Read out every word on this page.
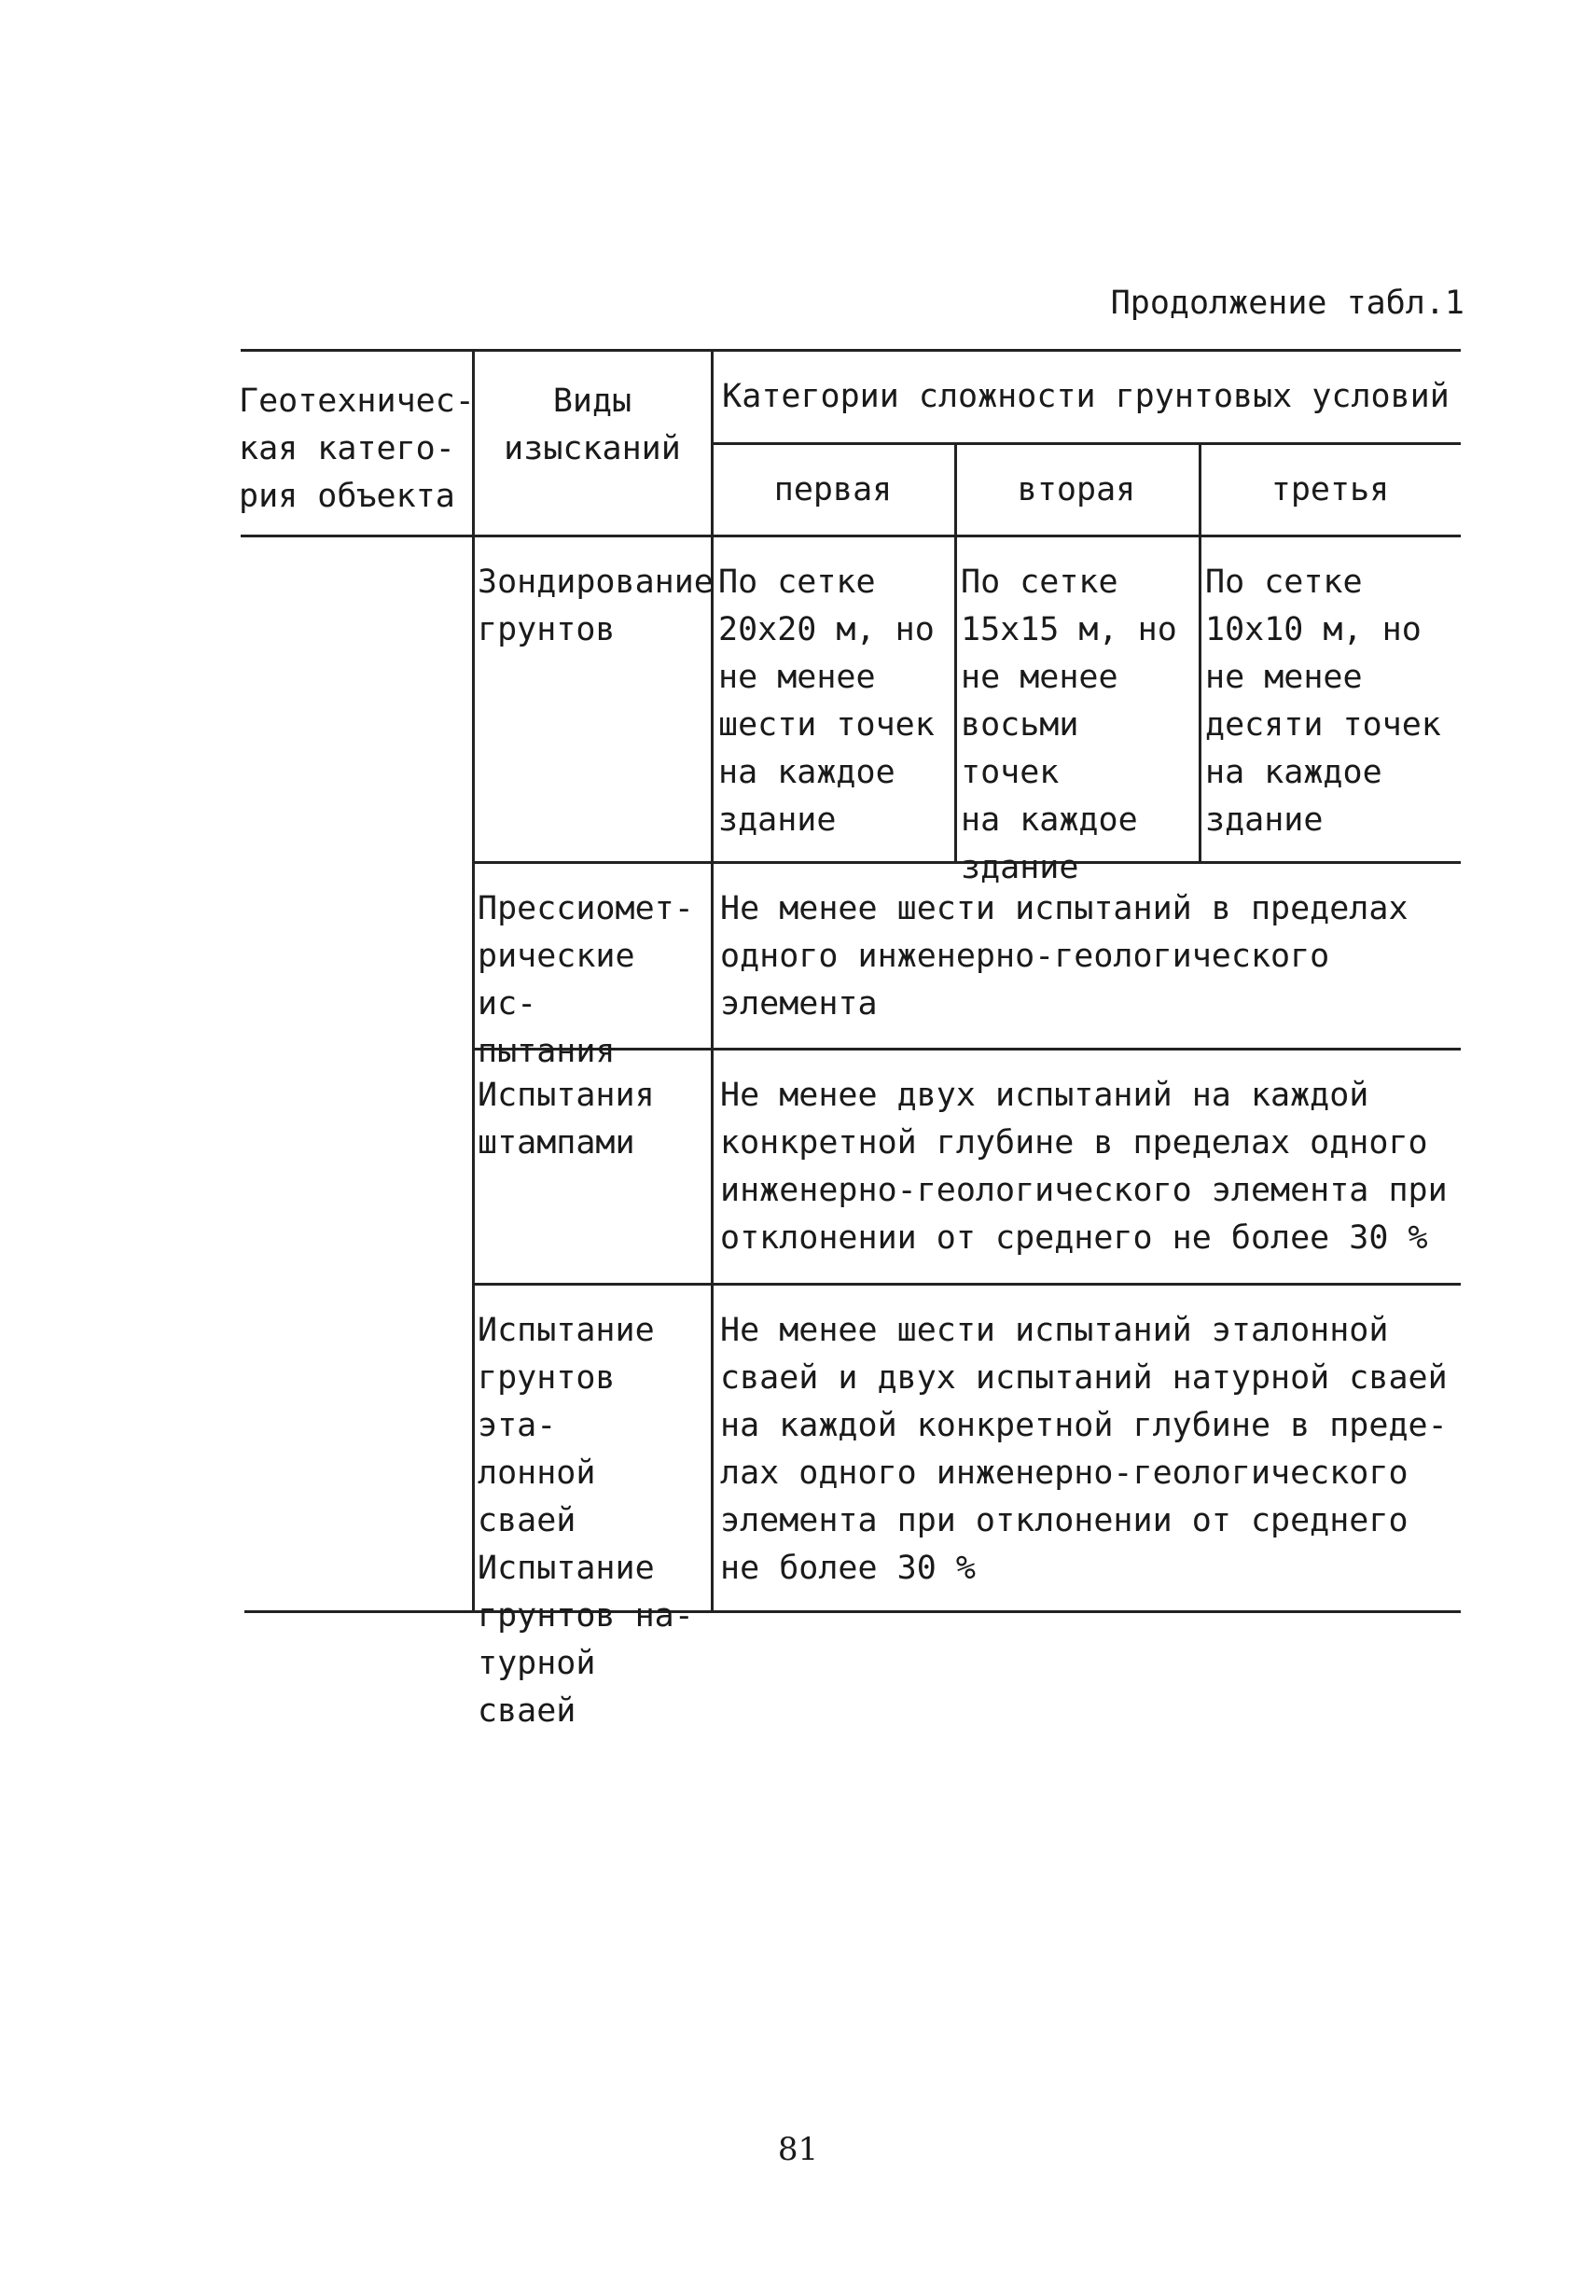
Продолжение табл.1
Геотехничес-
кая катего-
рия объекта
Виды
изысканий
Категории сложности грунтовых условий
первая	вторая	третья
Зондирование
грунтов
По сетке
20x20 м, но
не менее
шести точек
на каждое
здание
По сетке
15x15 м, но
не менее
восьми точек
на каждое
здание
По сетке
10x10 м, но
не менее
десяти точек
на каждое
здание
Прессиомет-
рические ис-
пытания
Не менее шести испытаний в пределах
одного инженерно-геологического
элемента
Испытания
штампами
Не менее двух испытаний на каждой
конкретной глубине в пределах одного
инженерно-геологического элемента при
отклонении от среднего не более 30 %
Испытание
грунтов эта-
лонной сваей
Испытание
грунтов на-
турной сваей
Не менее шести испытаний эталонной
сваей и двух испытаний натурной сваей
на каждой конкретной глубине в преде-
лах одного инженерно-геологического
элемента при отклонении от среднего
не более 30 %
81
